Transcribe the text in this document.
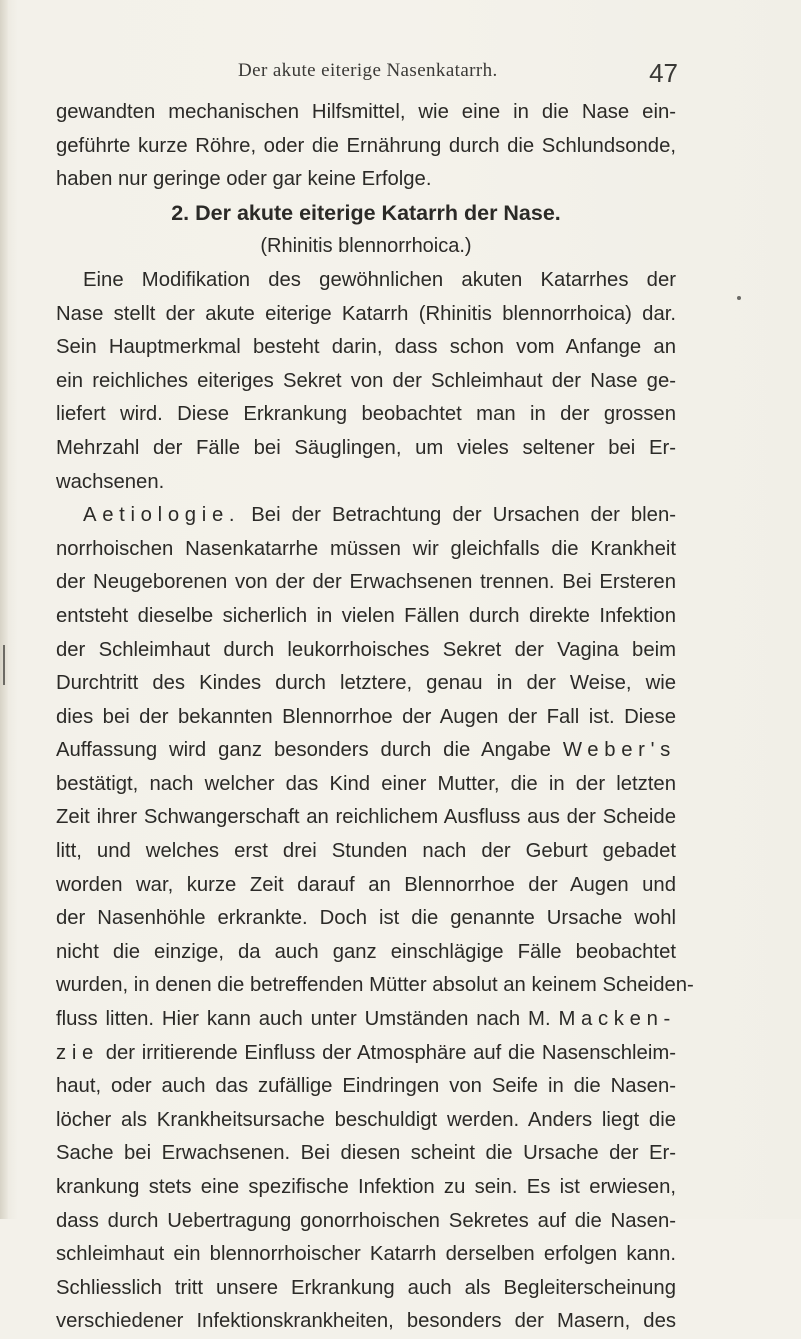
Der akute eiterige Nasenkatarrh.	47
gewandten mechanischen Hilfsmittel, wie eine in die Nase ein-
geführte kurze Röhre, oder die Ernährung durch die Schlundsonde,
haben nur geringe oder gar keine Erfolge.
2. Der akute eiterige Katarrh der Nase.
(Rhinitis blennorrhoica.)
Eine Modifikation des gewöhnlichen akuten Katarrhes der
Nase stellt der akute eiterige Katarrh (Rhinitis blennorrhoica) dar.
Sein Hauptmerkmal besteht darin, dass schon vom Anfange an
ein reichliches eiteriges Sekret von der Schleimhaut der Nase ge-
liefert wird. Diese Erkrankung beobachtet man in der grossen
Mehrzahl der Fälle bei Säuglingen, um vieles seltener bei Er-
wachsenen.
Aetiologie. Bei der Betrachtung der Ursachen der blen-
norrhoischen Nasenkatarrhe müssen wir gleichfalls die Krankheit
der Neugeborenen von der der Erwachsenen trennen. Bei Ersteren
entsteht dieselbe sicherlich in vielen Fällen durch direkte Infektion
der Schleimhaut durch leukorrhoisches Sekret der Vagina beim
Durchtritt des Kindes durch letztere, genau in der Weise, wie
dies bei der bekannten Blennorrhoe der Augen der Fall ist. Diese
Auffassung wird ganz besonders durch die Angabe Weber's
bestätigt, nach welcher das Kind einer Mutter, die in der letzten
Zeit ihrer Schwangerschaft an reichlichem Ausfluss aus der Scheide
litt, und welches erst drei Stunden nach der Geburt gebadet
worden war, kurze Zeit darauf an Blennorrhoe der Augen und
der Nasenhöhle erkrankte. Doch ist die genannte Ursache wohl
nicht die einzige, da auch ganz einschlägige Fälle beobachtet
wurden, in denen die betreffenden Mütter absolut an keinem Scheiden-
fluss litten. Hier kann auch unter Umständen nach M. Macken-
zie der irritierende Einfluss der Atmosphäre auf die Nasenschleim-
haut, oder auch das zufällige Eindringen von Seife in die Nasen-
löcher als Krankheitsursache beschuldigt werden. Anders liegt die
Sache bei Erwachsenen. Bei diesen scheint die Ursache der Er-
krankung stets eine spezifische Infektion zu sein. Es ist erwiesen,
dass durch Uebertragung gonorrhoischen Sekretes auf die Nasen-
schleimhaut ein blennorrhoischer Katarrh derselben erfolgen kann.
Schliesslich tritt unsere Erkrankung auch als Begleiterscheinung
verschiedener Infektionskrankheiten, besonders der Masern, des
